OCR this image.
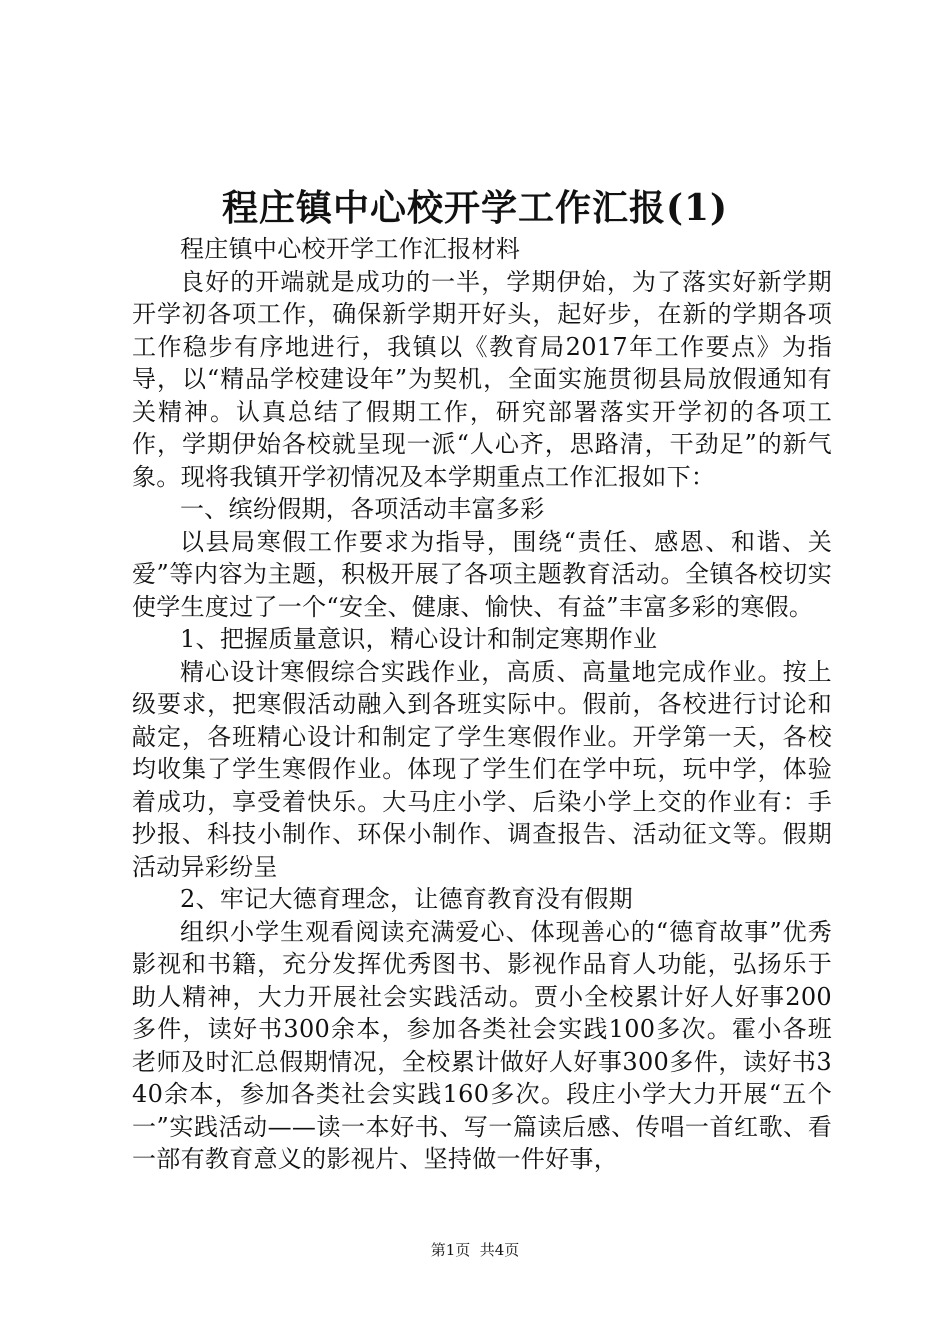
程庄镇中心校开学工作汇报(1)

程庄镇中心校开学工作汇报材料

良好的开端就是成功的一半，学期伊始，为了落实好新学期开学初各项工作，确保新学期开好头，起好步，在新的学期各项工作稳步有序地进行，我镇以《教育局2017年工作要点》为指导，以“精品学校建设年”为契机，全面实施贯彻县局放假通知有关精神。认真总结了假期工作，研究部署落实开学初的各项工作，学期伊始各校就呈现一派“人心齐，思路清，干劲足”的新气象。现将我镇开学初情况及本学期重点工作汇报如下：

一、缤纷假期，各项活动丰富多彩

以县局寒假工作要求为指导，围绕“责任、感恩、和谐、关爱”等内容为主题，积极开展了各项主题教育活动。全镇各校切实使学生度过了一个“安全、健康、愉快、有益”丰富多彩的寒假。

1、把握质量意识，精心设计和制定寒期作业

精心设计寒假综合实践作业，高质、高量地完成作业。按上级要求，把寒假活动融入到各班实际中。假前，各校进行讨论和敲定，各班精心设计和制定了学生寒假作业。开学第一天，各校均收集了学生寒假作业。体现了学生们在学中玩，玩中学，体验着成功，享受着快乐。大马庄小学、后染小学上交的作业有：手抄报、科技小制作、环保小制作、调查报告、活动征文等。假期活动异彩纷呈

2、牢记大德育理念，让德育教育没有假期

组织小学生观看阅读充满爱心、体现善心的“德育故事”优秀影视和书籍，充分发挥优秀图书、影视作品育人功能，弘扬乐于助人精神，大力开展社会实践活动。贾小全校累计好人好事200多件，读好书300余本，参加各类社会实践100多次。霍小各班老师及时汇总假期情况，全校累计做好人好事300多件，读好书340余本，参加各类社会实践160多次。段庄小学大力开展“五个一”实践活动——读一本好书、写一篇读后感、传唱一首红歌、看一部有教育意义的影视片、坚持做一件好事，

第1页  共4页
